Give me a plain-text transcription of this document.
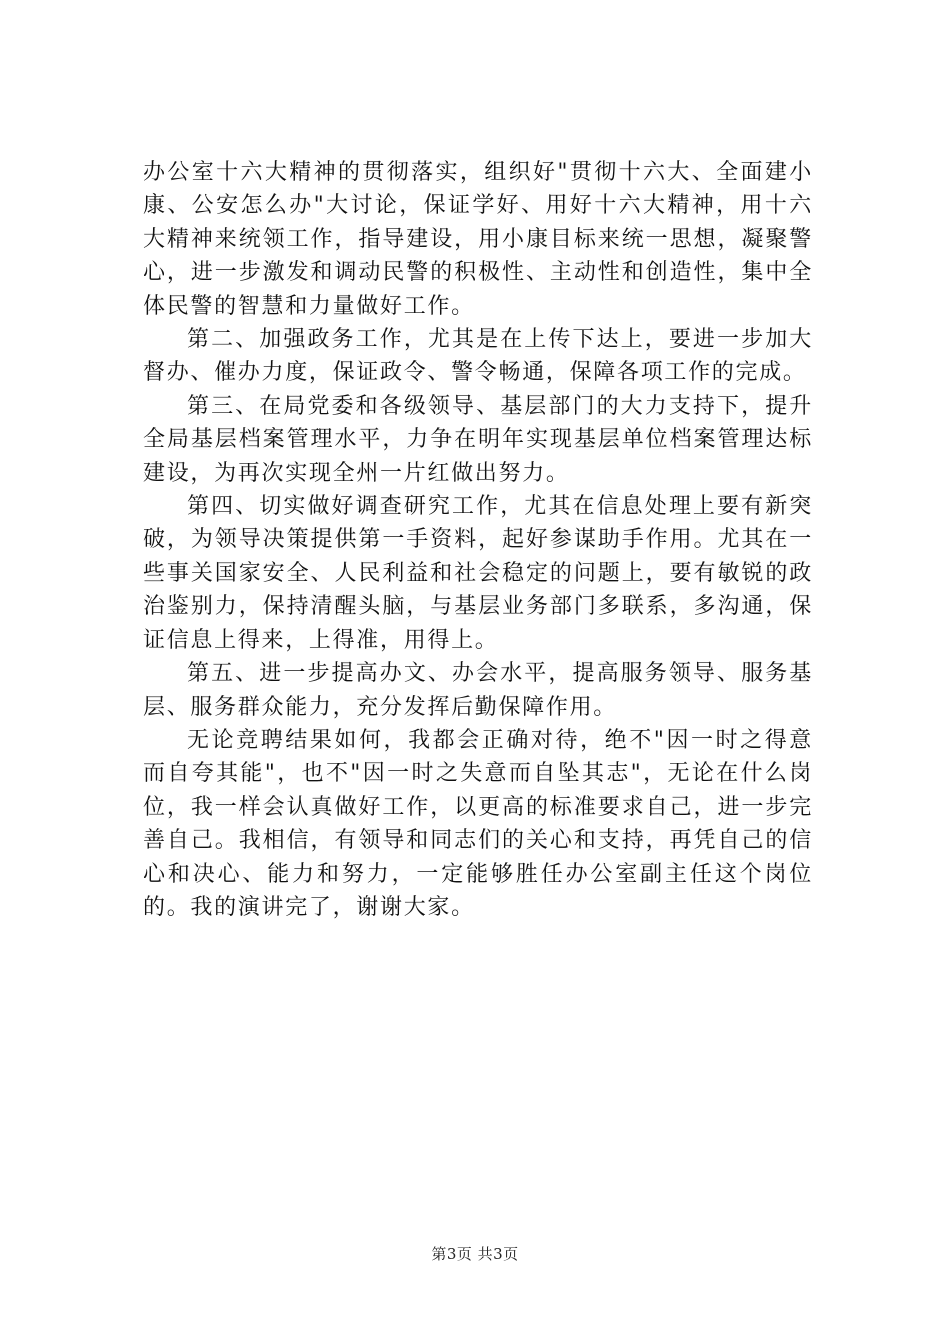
办公室十六大精神的贯彻落实，组织好"贯彻十六大、全面建小康、公安怎么办"大讨论，保证学好、用好十六大精神，用十六大精神来统领工作，指导建设，用小康目标来统一思想，凝聚警心，进一步激发和调动民警的积极性、主动性和创造性，集中全体民警的智慧和力量做好工作。

第二、加强政务工作，尤其是在上传下达上，要进一步加大督办、催办力度，保证政令、警令畅通，保障各项工作的完成。

第三、在局党委和各级领导、基层部门的大力支持下，提升全局基层档案管理水平，力争在明年实现基层单位档案管理达标建设，为再次实现全州一片红做出努力。

第四、切实做好调查研究工作，尤其在信息处理上要有新突破，为领导决策提供第一手资料，起好参谋助手作用。尤其在一些事关国家安全、人民利益和社会稳定的问题上，要有敏锐的政治鉴别力，保持清醒头脑，与基层业务部门多联系，多沟通，保证信息上得来，上得准，用得上。

第五、进一步提高办文、办会水平，提高服务领导、服务基层、服务群众能力，充分发挥后勤保障作用。

无论竞聘结果如何，我都会正确对待，绝不"因一时之得意而自夸其能"，也不"因一时之失意而自坠其志"，无论在什么岗位，我一样会认真做好工作，以更高的标准要求自己，进一步完善自己。我相信，有领导和同志们的关心和支持，再凭自己的信心和决心、能力和努力，一定能够胜任办公室副主任这个岗位的。我的演讲完了，谢谢大家。

第3页 共3页
